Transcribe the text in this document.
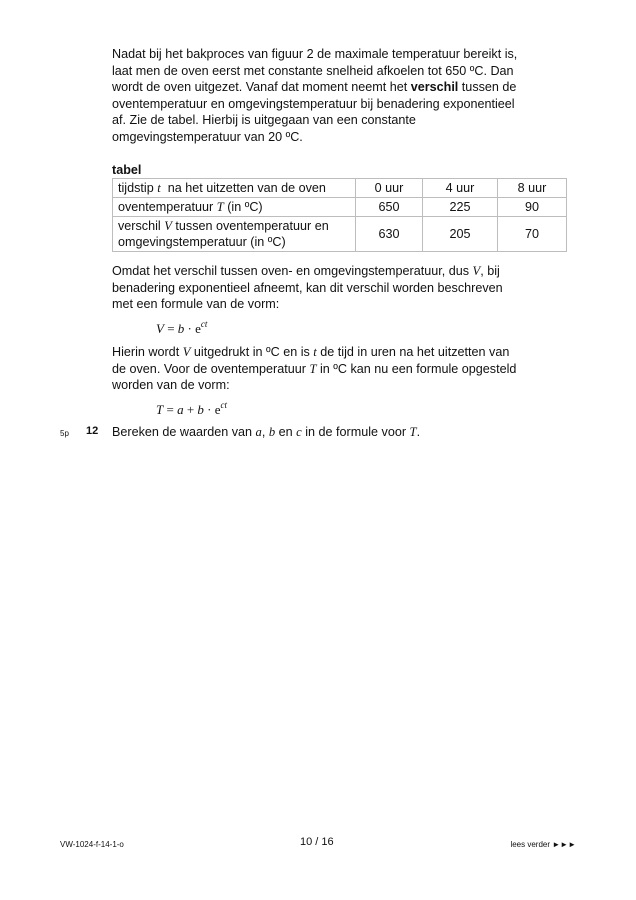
Nadat bij het bakproces van figuur 2 de maximale temperatuur bereikt is,

laat men de oven eerst met constante snelheid afkoelen tot 650 ºC. Dan

wordt de oven uitgezet. Vanaf dat moment neemt het verschil tussen de

oventemperatuur en omgevingstemperatuur bij benadering exponentieel

af. Zie de tabel. Hierbij is uitgegaan van een constante

omgevingstemperatuur van 20 ºC.

tabel
tijdstip t  na het uitzetten van de oven	0 uur	4 uur	8 uur
oventemperatuur T (in ºC)	650	225	90
verschil V tussen oventemperatuur en
omgevingstemperatuur (in ºC)	630	205	70

Omdat het verschil tussen oven- en omgevingstemperatuur, dus V, bij

benadering exponentieel afneemt, kan dit verschil worden beschreven

met een formule van de vorm:

$V = b \cdot e^{ct}$

Hierin wordt V uitgedrukt in ºC en is t de tijd in uren na het uitzetten van

de oven. Voor de oventemperatuur T in ºC kan nu een formule opgesteld

worden van de vorm:

$T = a + b \cdot e^{ct}$
5p 12 Bereken de waarden van a, b en c in de formule voor T.
VW-1024-f-14-1-o	10 / 16	lees verder ►►►
